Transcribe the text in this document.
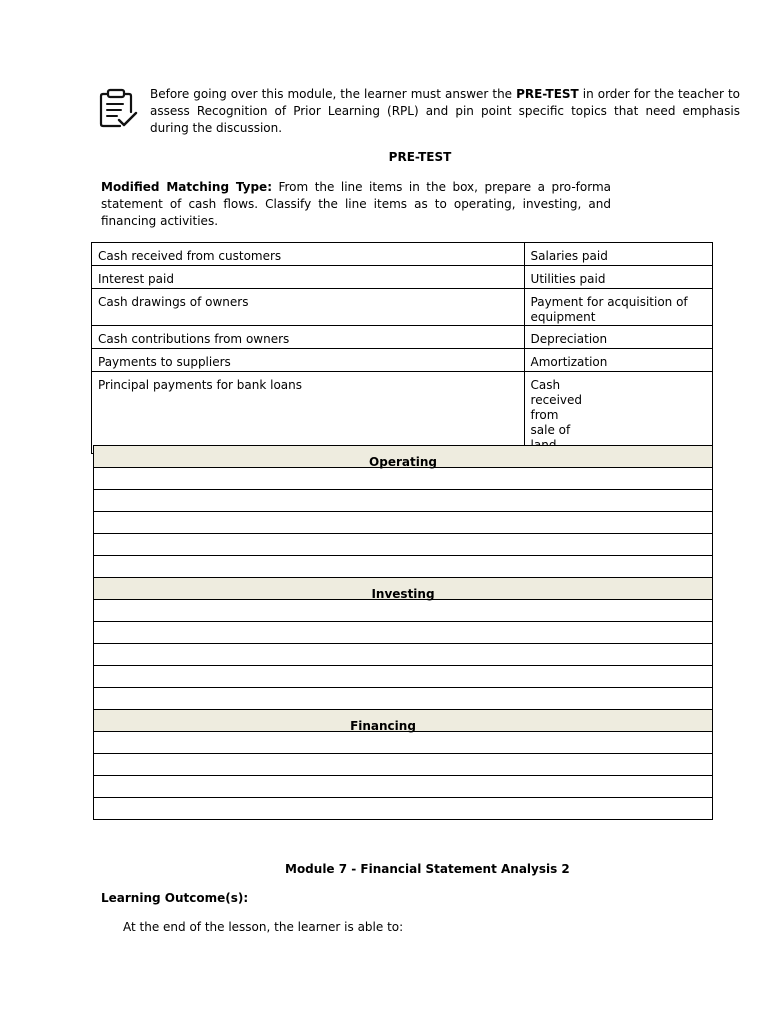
Before going over this module, the learner must answer the PRE-TEST in order for the teacher to assess Recognition of Prior Learning (RPL) and pin point specific topics that need emphasis during the discussion.
PRE-TEST
Modified Matching Type: From the line items in the box, prepare a pro-forma statement of cash flows. Classify the line items as to operating, investing, and financing activities.
Cash received from customers	Salaries paid
Interest paid	Utilities paid
Cash drawings of owners	Payment for acquisition of equipment
Cash contributions from owners	Depreciation
Payments to suppliers	Amortization
Principal payments for bank loans	Cash received from sale of
Operating

Investing

Financing

Module 7 - Financial Statement Analysis 2
Learning Outcome(s):
At the end of the lesson, the learner is able to:
